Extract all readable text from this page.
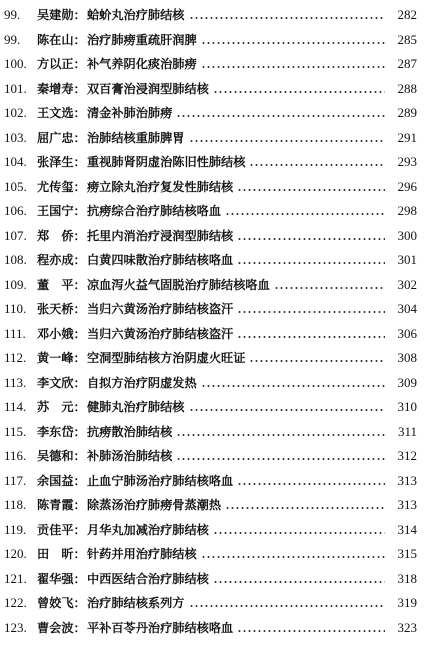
99.	吴建勋： 蛤蚧丸治疗肺结核	282
99.	陈在山： 治疗肺痨重疏肝润脾	285
100. 方以正： 补气养阴化痰治肺痨	287
101. 秦增寿： 双百膏治浸润型肺结核	288
102. 王文选： 清金补肺治肺痨	289
103. 屈广忠： 治肺结核重肺脾胃	291
104. 张泽生： 重视肺肾阴虚治陈旧性肺结核	293
105. 尤传玺： 痨立除丸治疗复发性肺结核	296
106. 王国宁： 抗痨综合治疗肺结核咯血	298
107. 郑　侨： 托里内消治疗浸润型肺结核	300
108. 程亦成： 白黄四味散治疗肺结核咯血	301
109. 董　平： 凉血泻火益气固脱治疗肺结核咯血	302
110. 张天桥： 当归六黄汤治疗肺结核盗汗	304
111. 邓小娥： 当归六黄汤治疗肺结核盗汗	306
112. 黄一峰： 空洞型肺结核方治阴虚火旺证	308
113. 李文欣： 自拟方治疗阴虚发热	309
114. 苏　元： 健肺丸治疗肺结核	310
115. 李东岱： 抗痨散治肺结核	311
116. 吴德和： 补肺汤治肺结核	312
117. 余国益： 止血宁肺汤治疗肺结核咯血	313
118. 陈青霞： 除蒸汤治疗肺痨骨蒸潮热	313
119. 贡佳平： 月华丸加减治疗肺结核	314
120. 田　昕： 针药并用治疗肺结核	315
121. 翟华强： 中西医结合治疗肺结核	318
122. 曾姣飞： 治疗肺结核系列方	319
123. 曹会波： 平补百苓丹治疗肺结核咯血	323
